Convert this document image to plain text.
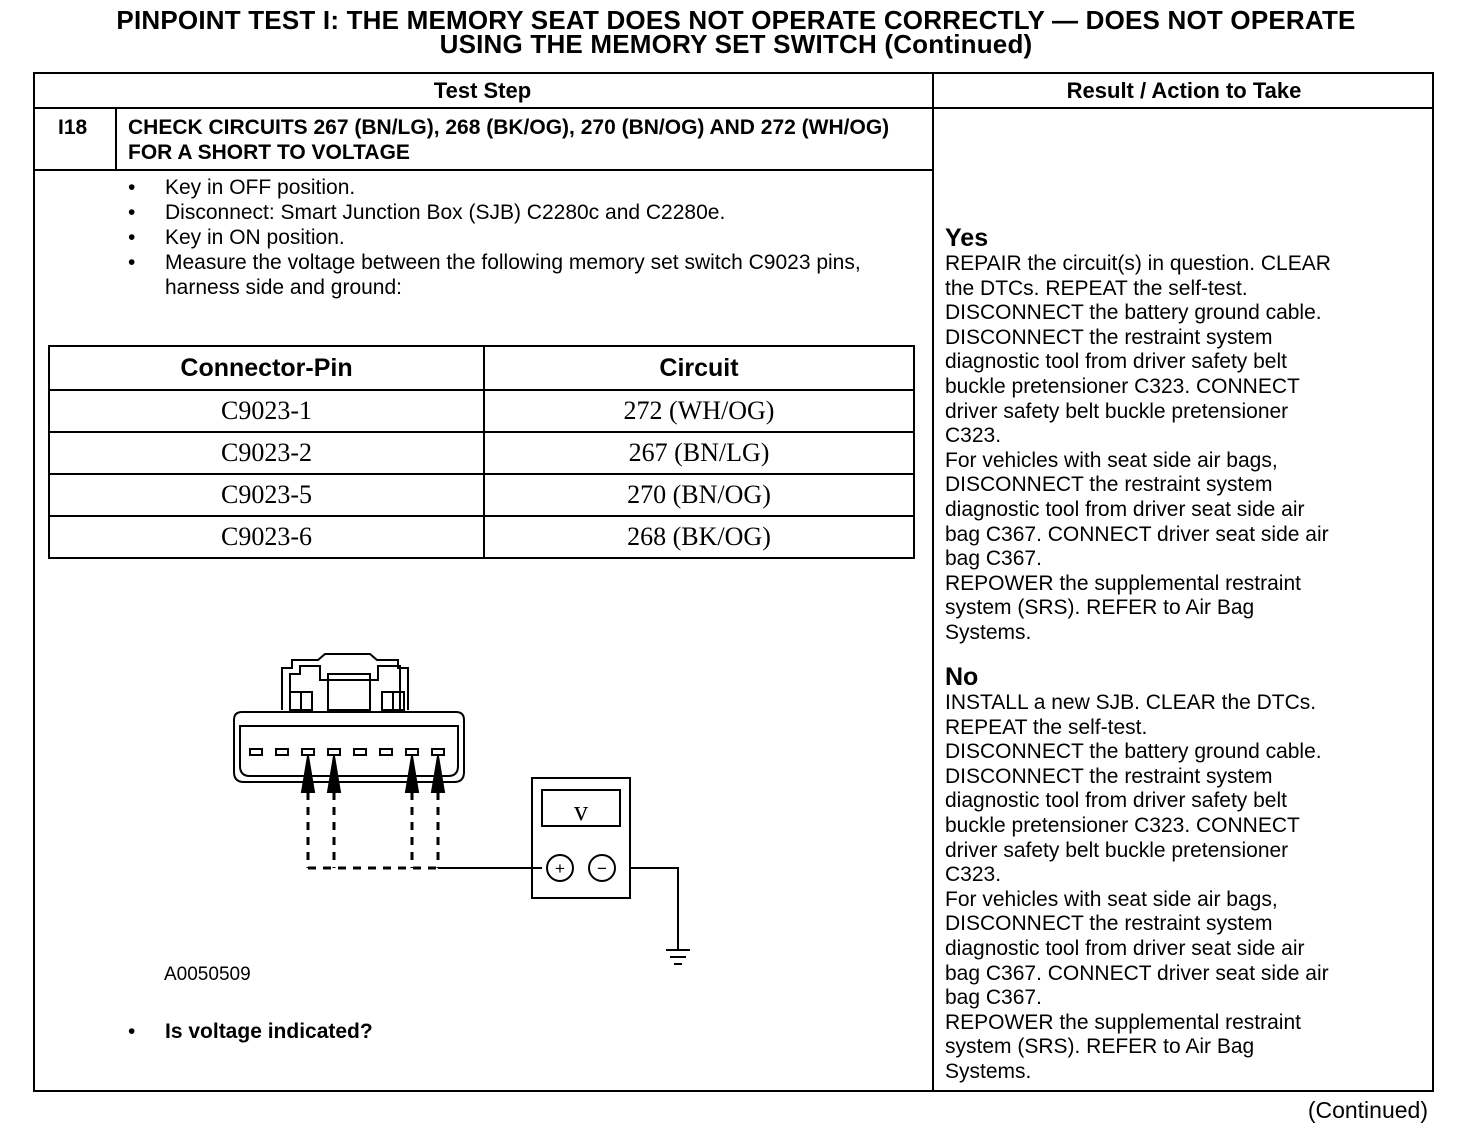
PINPOINT TEST I: THE MEMORY SEAT DOES NOT OPERATE CORRECTLY — DOES NOT OPERATE
USING THE MEMORY SET SWITCH (Continued)
Test Step	Result / Action to Take
I18 CHECK CIRCUITS 267 (BN/LG), 268 (BK/OG), 270 (BN/OG) AND 272 (WH/OG) FOR A SHORT TO VOLTAGE
• Key in OFF position.
• Disconnect: Smart Junction Box (SJB) C2280c and C2280e.
• Key in ON position.
• Measure the voltage between the following memory set switch C9023 pins, harness side and ground:
Connector-Pin	Circuit
C9023-1	272 (WH/OG)
C9023-2	267 (BN/LG)
C9023-5	270 (BN/OG)
C9023-6	268 (BK/OG)
v
+ −
A0050509
• Is voltage indicated?
Yes
REPAIR the circuit(s) in question. CLEAR
the DTCs. REPEAT the self-test.
DISCONNECT the battery ground cable.
DISCONNECT the restraint system
diagnostic tool from driver safety belt
buckle pretensioner C323. CONNECT
driver safety belt buckle pretensioner
C323.
For vehicles with seat side air bags,
DISCONNECT the restraint system
diagnostic tool from driver seat side air
bag C367. CONNECT driver seat side air
bag C367.
REPOWER the supplemental restraint
system (SRS). REFER to Air Bag
Systems.
No
INSTALL a new SJB. CLEAR the DTCs.
REPEAT the self-test.
DISCONNECT the battery ground cable.
DISCONNECT the restraint system
diagnostic tool from driver safety belt
buckle pretensioner C323. CONNECT
driver safety belt buckle pretensioner
C323.
For vehicles with seat side air bags,
DISCONNECT the restraint system
diagnostic tool from driver seat side air
bag C367. CONNECT driver seat side air
bag C367.
REPOWER the supplemental restraint
system (SRS). REFER to Air Bag
Systems.
(Continued)
